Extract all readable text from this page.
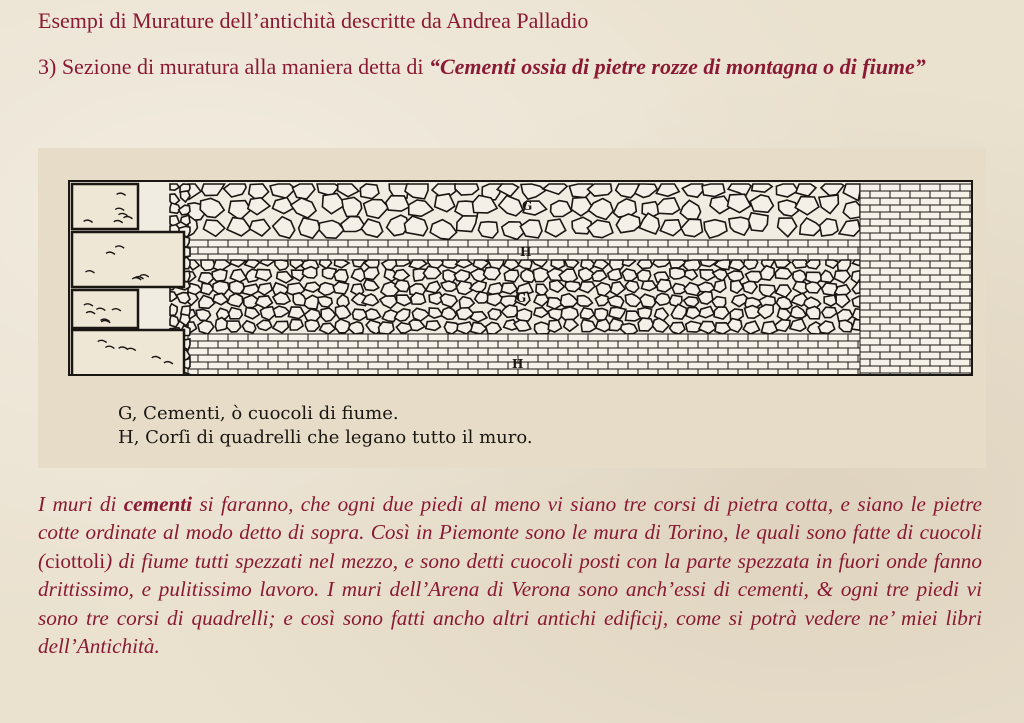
Esempi di Murature dell’antichità descritte da Andrea Palladio
3) Sezione di muratura alla maniera detta di “Cementi ossia di pietre rozze di montagna o di fiume”
G
H
G
H
G, Cementi, ò cuocoli di fiume.
H, Corſi di quadrelli che legano tutto il muro.
I muri di cementi si faranno, che ogni due piedi al meno vi siano tre corsi di pietra cotta, e siano le pietre cotte ordinate al modo detto di sopra. Così in Piemonte sono le mura di Torino, le quali sono fatte di cuocoli (ciottoli) di fiume tutti spezzati nel mezzo, e sono detti cuocoli posti con la parte spezzata in fuori onde fanno drittissimo, e pulitissimo lavoro. I muri dell’Arena di Verona sono anch’essi di cementi, & ogni tre piedi vi sono tre corsi di quadrelli; e così sono fatti ancho altri antichi edificij, come si potrà vedere ne’ miei libri dell’Antichità.
